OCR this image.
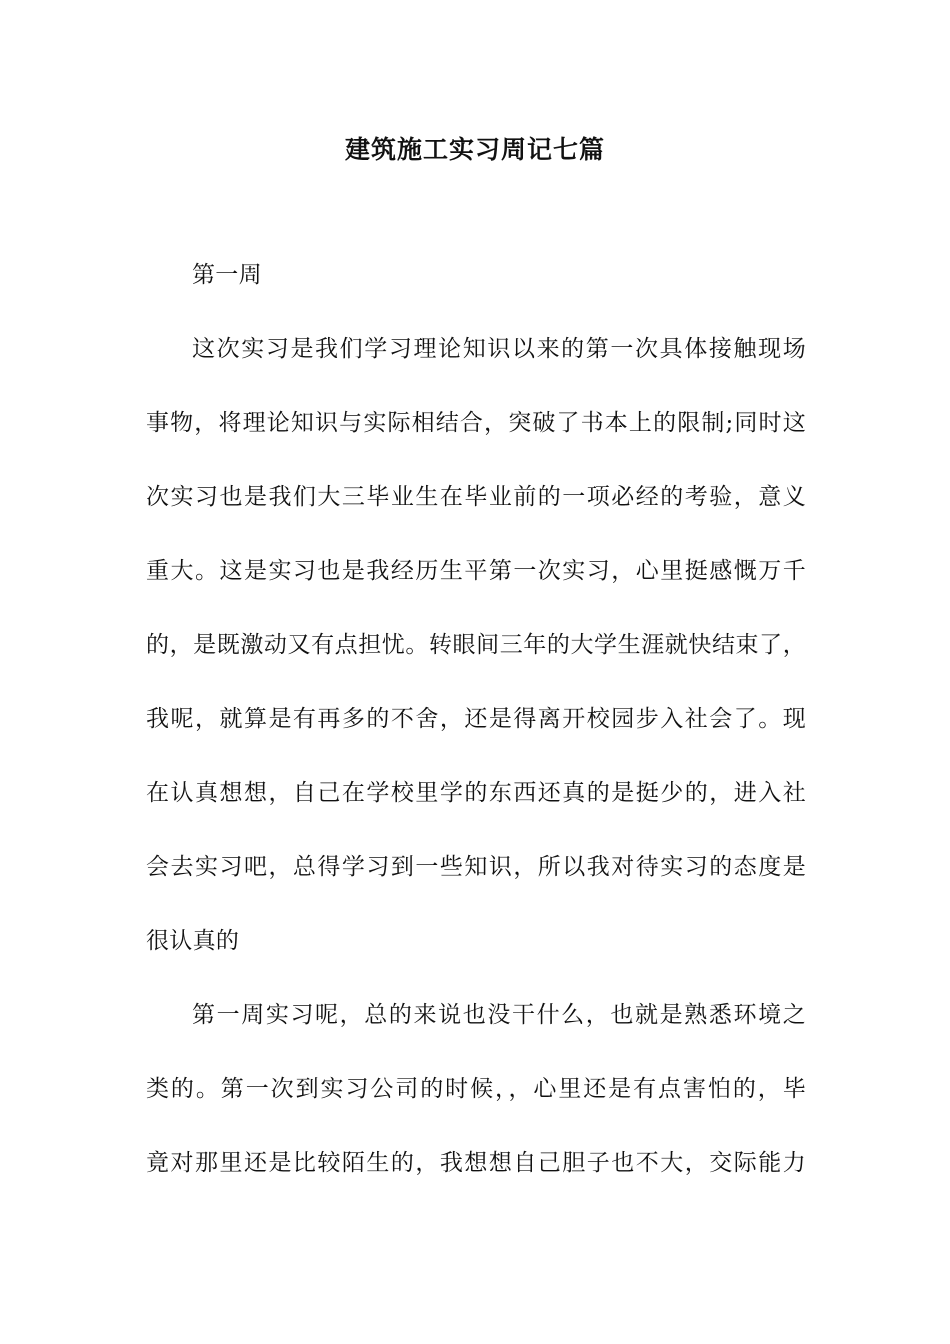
建筑施工实习周记七篇
第一周
这次实习是我们学习理论知识以来的第一次具体接触现场
事物，将理论知识与实际相结合，突破了书本上的限制;同时这
次实习也是我们大三毕业生在毕业前的一项必经的考验，意义
重大。这是实习也是我经历生平第一次实习，心里挺感慨万千
的，是既激动又有点担忧。转眼间三年的大学生涯就快结束了，
我呢，就算是有再多的不舍，还是得离开校园步入社会了。现
在认真想想，自己在学校里学的东西还真的是挺少的，进入社
会去实习吧，总得学习到一些知识，所以我对待实习的态度是
很认真的
第一周实习呢，总的来说也没干什么，也就是熟悉环境之
类的。第一次到实习公司的时候，，心里还是有点害怕的，毕
竟对那里还是比较陌生的，我想想自己胆子也不大，交际能力
